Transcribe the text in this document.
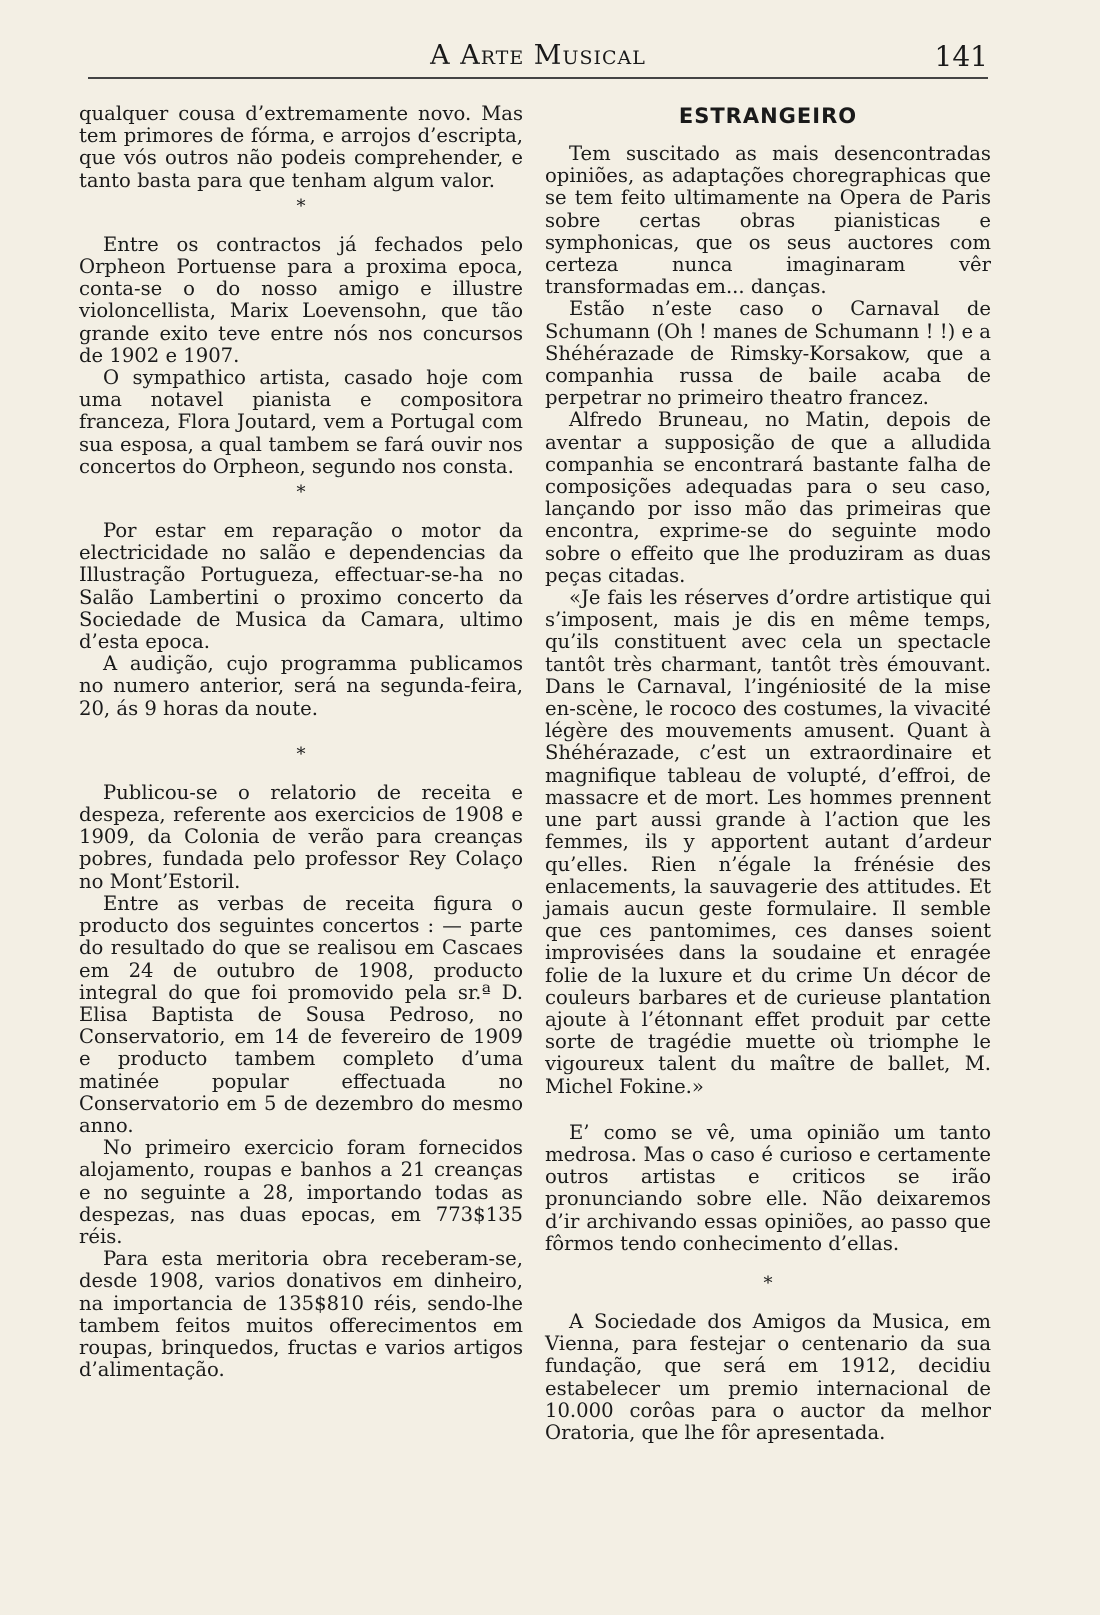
A Arte Musical	141

qualquer cousa d’extremamente novo. Mas tem primores de fórma, e arrojos d’escripta, que vós outros não podeis comprehender, e tanto basta para que tenham algum valor.

*

Entre os contractos já fechados pelo Orpheon Portuense para a proxima epoca, conta-se o do nosso amigo e illustre violoncellista, Marix Loevensohn, que tão grande exito teve entre nós nos concursos de 1902 e 1907.

O sympathico artista, casado hoje com uma notavel pianista e compositora franceza, Flora Joutard, vem a Portugal com sua esposa, a qual tambem se fará ouvir nos concertos do Orpheon, segundo nos consta.

*

Por estar em reparação o motor da electricidade no salão e dependencias da Illustração Portugueza, effectuar-se-ha no Salão Lambertini o proximo concerto da Sociedade de Musica da Camara, ultimo d’esta epoca.

A audição, cujo programma publicamos no numero anterior, será na segunda-feira, 20, ás 9 horas da noute.

*

Publicou-se o relatorio de receita e despeza, referente aos exercicios de 1908 e 1909, da Colonia de verão para creanças pobres, fundada pelo professor Rey Colaço no Mont’Estoril.

Entre as verbas de receita figura o producto dos seguintes concertos : — parte do resultado do que se realisou em Cascaes em 24 de outubro de 1908, producto integral do que foi promovido pela sr.ª D. Elisa Baptista de Sousa Pedroso, no Conservatorio, em 14 de fevereiro de 1909 e producto tambem completo d’uma matinée popular effectuada no Conservatorio em 5 de dezembro do mesmo anno.

No primeiro exercicio foram fornecidos alojamento, roupas e banhos a 21 creanças e no seguinte a 28, importando todas as despezas, nas duas epocas, em 773$135 réis.

Para esta meritoria obra receberam-se, desde 1908, varios donativos em dinheiro, na importancia de 135$810 réis, sendo-lhe tambem feitos muitos offerecimentos em roupas, brinquedos, fructas e varios artigos d’alimentação.

ESTRANGEIRO

Tem suscitado as mais desencontradas opiniões, as adaptações choregraphicas que se tem feito ultimamente na Opera de Paris sobre certas obras pianisticas e symphonicas, que os seus auctores com certeza nunca imaginaram vêr transformadas em... danças.

Estão n’este caso o Carnaval de Schumann (Oh ! manes de Schumann ! !) e a Shéhérazade de Rimsky-Korsakow, que a companhia russa de baile acaba de perpetrar no primeiro theatro francez.

Alfredo Bruneau, no Matin, depois de aventar a supposição de que a alludida companhia se encontrará bastante falha de composições adequadas para o seu caso, lançando por isso mão das primeiras que encontra, exprime-se do seguinte modo sobre o effeito que lhe produziram as duas peças citadas.

«Je fais les réserves d’ordre artistique qui s’imposent, mais je dis en même temps, qu’ils constituent avec cela un spectacle tantôt très charmant, tantôt très émouvant. Dans le Carnaval, l’ingéniosité de la mise en-scène, le rococo des costumes, la vivacité légère des mouvements amusent. Quant à Shéhérazade, c’est un extraordinaire et magnifique tableau de volupté, d’effroi, de massacre et de mort. Les hommes prennent une part aussi grande à l’action que les femmes, ils y apportent autant d’ardeur qu’elles. Rien n’égale la frénésie des enlacements, la sauvagerie des attitudes. Et jamais aucun geste formulaire. Il semble que ces pantomimes, ces danses soient improvisées dans la soudaine et enragée folie de la luxure et du crime Un décor de couleurs barbares et de curieuse plantation ajoute à l’étonnant effet produit par cette sorte de tragédie muette où triomphe le vigoureux talent du maître de ballet, M. Michel Fokine.»

E’ como se vê, uma opinião um tanto medrosa. Mas o caso é curioso e certamente outros artistas e criticos se irão pronunciando sobre elle. Não deixaremos d’ir archivando essas opiniões, ao passo que fôrmos tendo conhecimento d’ellas.

*

A Sociedade dos Amigos da Musica, em Vienna, para festejar o centenario da sua fundação, que será em 1912, decidiu estabelecer um premio internacional de 10.000 corôas para o auctor da melhor Oratoria, que lhe fôr apresentada.
